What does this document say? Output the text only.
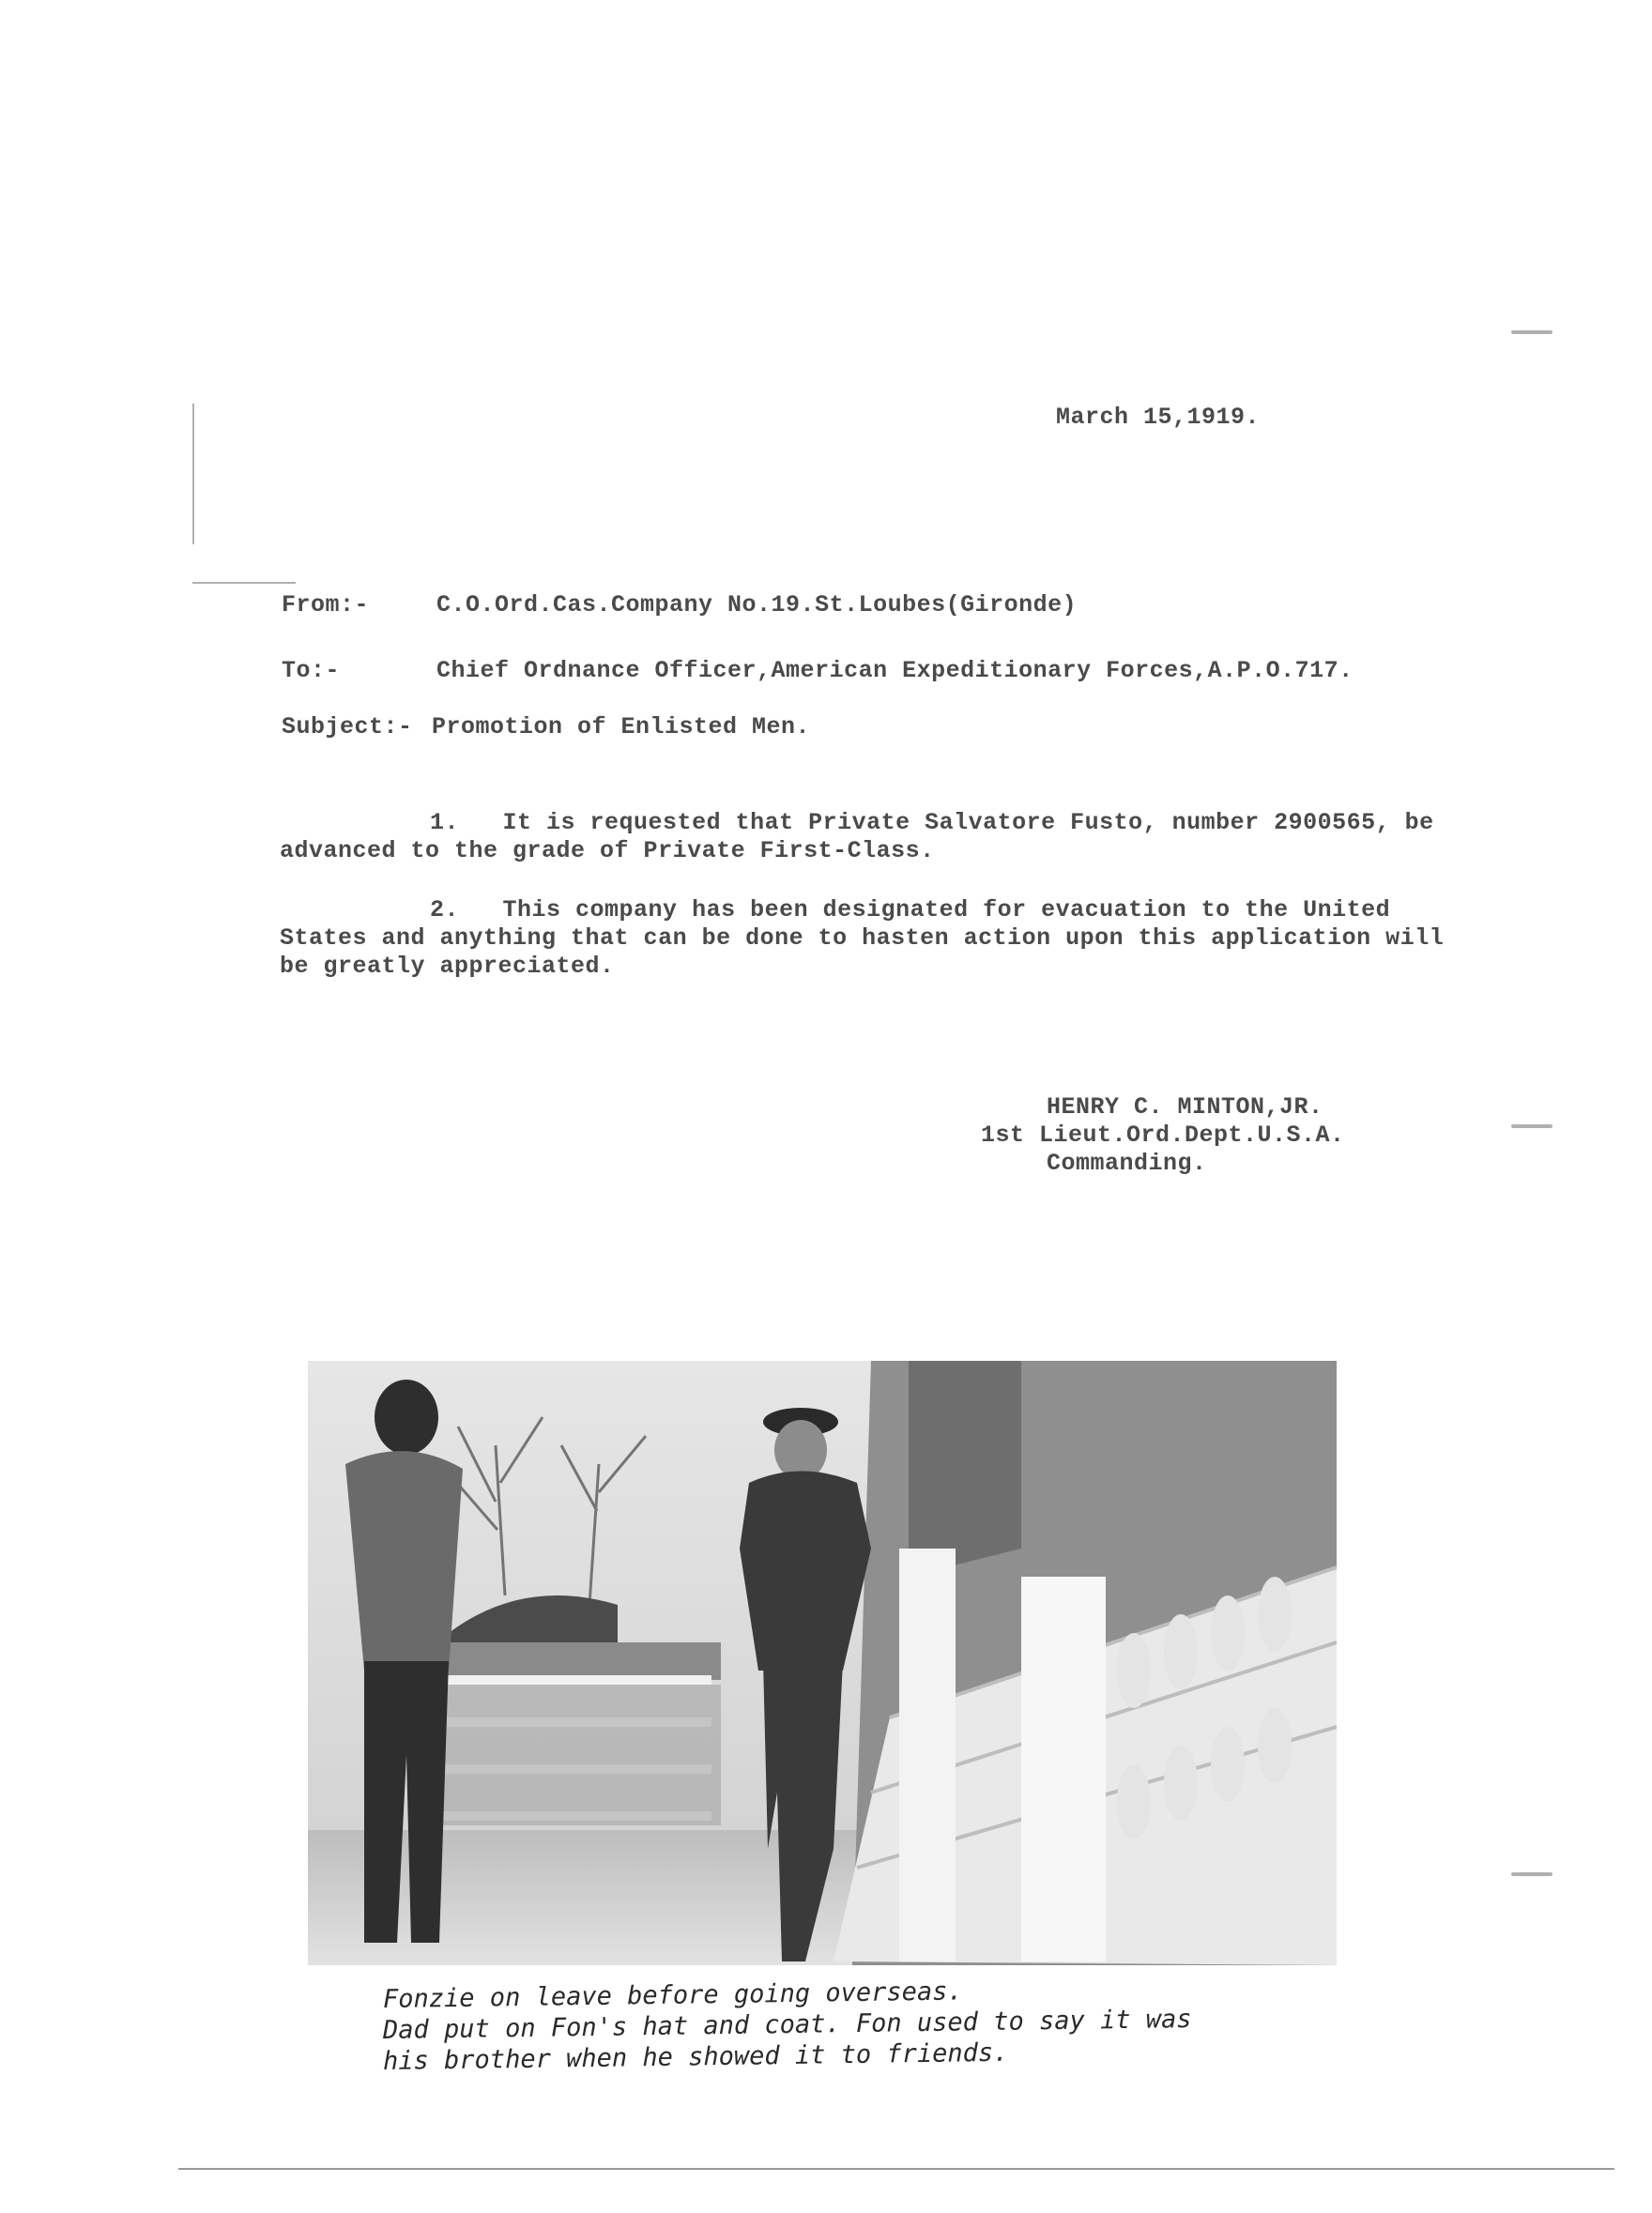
March 15,1919.
From:-	C.O.Ord.Cas.Company No.19.St.Loubes(Gironde)
To:-	Chief Ordnance Officer,American Expeditionary Forces,A.P.O.717.
Subject:- Promotion of Enlisted Men.
1. It is requested that Private Salvatore Fusto, number 2900565, be advanced to the grade of Private First-Class.
2. This company has been designated for evacuation to the United States and anything that can be done to hasten action upon this application will be greatly appreciated.
HENRY C. MINTON,JR.
1st Lieut.Ord.Dept.U.S.A.
Commanding.
Fonzie on leave before going overseas.
Dad put on Fon's hat and coat. Fon used to say it was
his brother when he showed it to friends.
